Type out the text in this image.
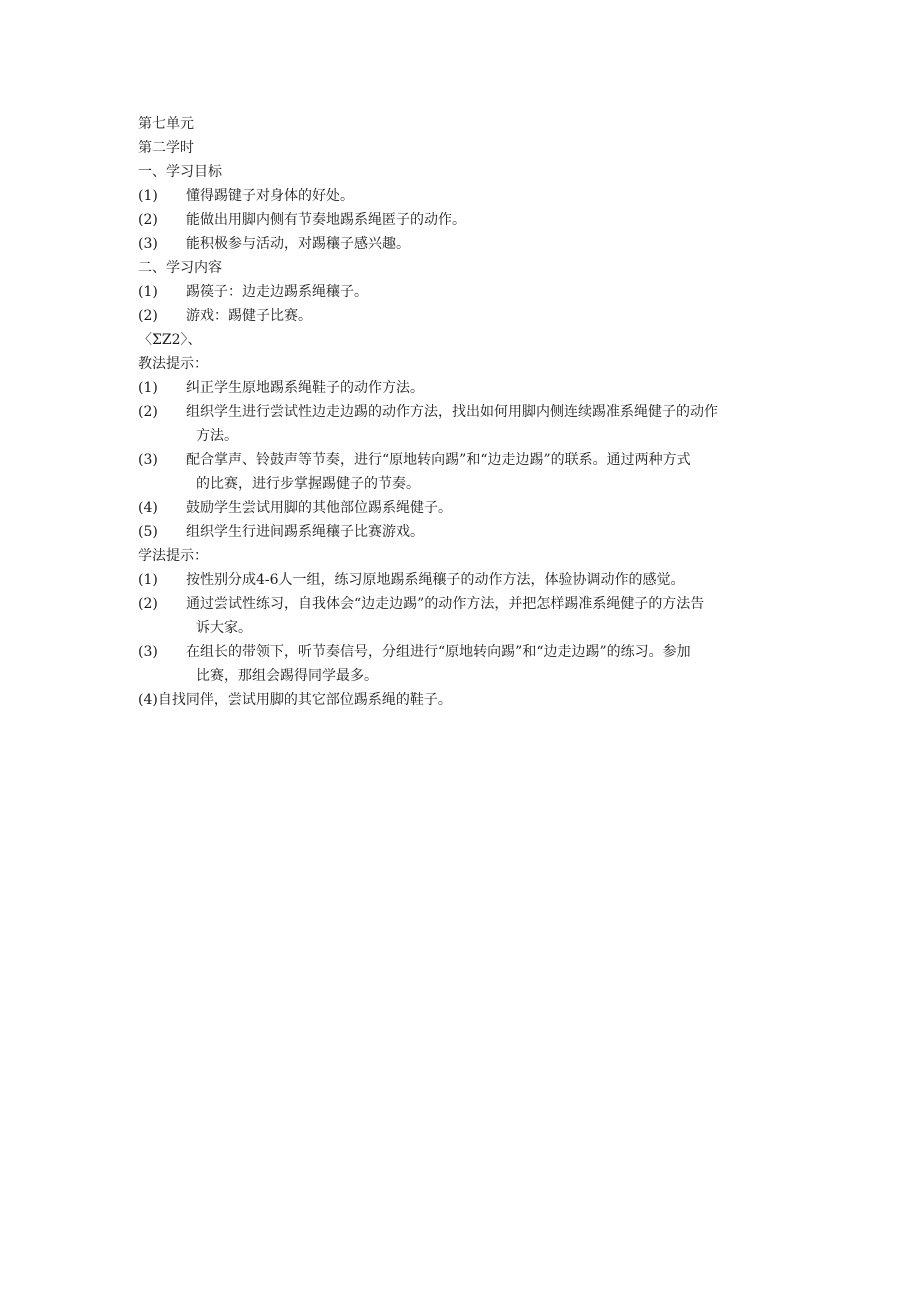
第七单元
第二学时
一、学习目标
(1)	懂得踢键子对身体的好处。
(2)	能做出用脚内侧有节奏地踢系绳匿子的动作。
(3)	能积极参与活动，对踢穰子感兴趣。
二、学习内容
(1)	踢篌子：边走边踢系绳穰子。
(2)	游戏：踢健子比赛。
〈ΣZ2〉、
教法提示：
(1)	纠正学生原地踢系绳鞋子的动作方法。
(2)	组织学生进行尝试性边走边踢的动作方法，找出如何用脚内侧连续踢准系绳健子的动作
方法。
(3)	配合掌声、铃鼓声等节奏，进行“原地转向踢”和“边走边踢”的联系。通过两种方式
的比赛，进行步掌握踢健子的节奏。
(4)	鼓励学生尝试用脚的其他部位踢系绳健子。
(5)	组织学生行进间踢系绳穰子比赛游戏。
学法提示：
(1)	按性别分成4-6人一组，练习原地踢系绳穰子的动作方法，体验协调动作的感觉。
(2)	通过尝试性练习，自我体会“边走边踢”的动作方法，并把怎样踢准系绳健子的方法告
诉大家。
(3)	在组长的带领下，听节奏信号，分组进行“原地转向踢”和“边走边踢”的练习。参加
比赛，那组会踢得同学最多。
(4)自找同伴，尝试用脚的其它部位踢系绳的鞋子。
